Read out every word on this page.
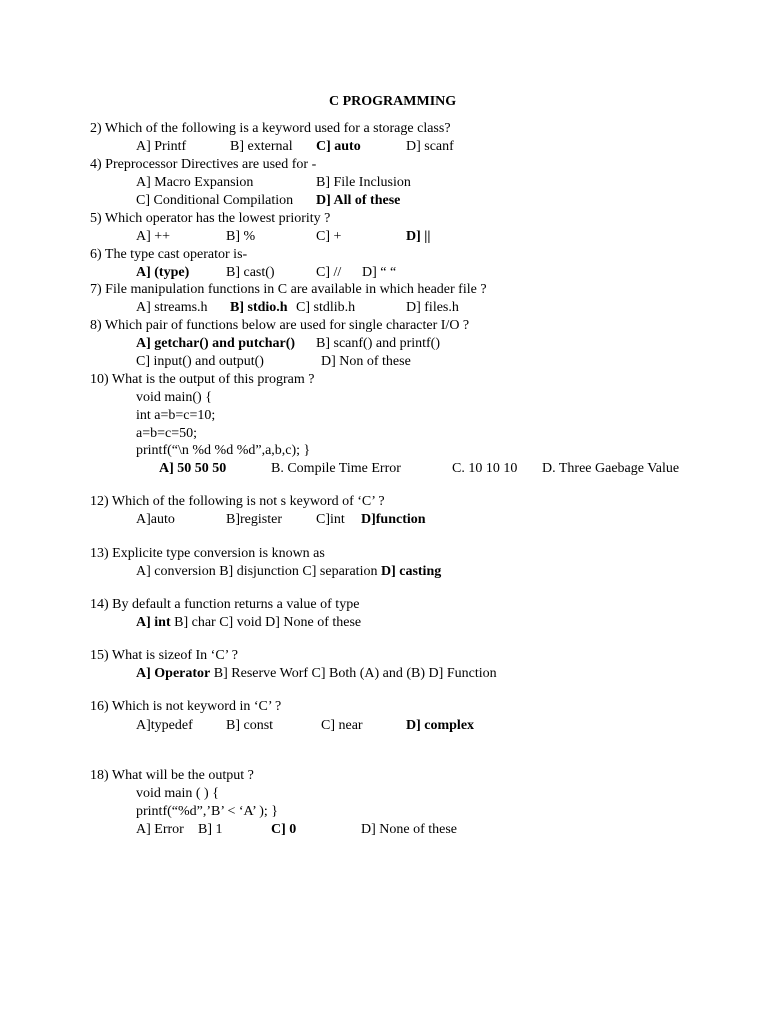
C PROGRAMMING
2) Which of the following is a keyword used for a storage class?
A] Printf	B] external C] auto	D] scanf
4) Preprocessor Directives are used for -
A] Macro Expansion	B] File Inclusion
C] Conditional Compilation D] All of these
5) Which operator has the lowest priority ?
A] ++	B] %	C] +	D] ||
6) The type cast operator is-
A] (type)	B] cast()	C] // D] “ “
7) File manipulation functions in C are available in which header file ?
A] streams.h B] stdio.h C] stdlib.h	D] files.h
8) Which pair of functions below are used for single character I/O ?
A] getchar() and putchar() B] scanf() and printf()
C] input() and output()	D] Non of these
10) What is the output of this program ?
void main() {
int a=b=c=10;
a=b=c=50;
printf(“\n %d %d %d”,a,b,c); }
A] 50 50 50	B. Compile Time Error	C. 10 10 10 D. Three Gaebage Value
12) Which of the following is not s keyword of ‘C’ ?
A]auto	B]register C]int D]function
13) Explicite type conversion is known as
A] conversion B] disjunction C] separation D] casting
14) By default a function returns a value of type
A] int B] char C] void D] None of these
15) What is sizeof In ‘C’ ?
A] Operator B] Reserve Worf C] Both (A) and (B) D] Function
16) Which is not keyword in ‘C’ ?
A]typedef B] const	C] near	D] complex
18) What will be the output ?
void main ( ) {
printf(“%d”,’B’ < ‘A’ ); }
A] Error B] 1	C] 0	D] None of these
